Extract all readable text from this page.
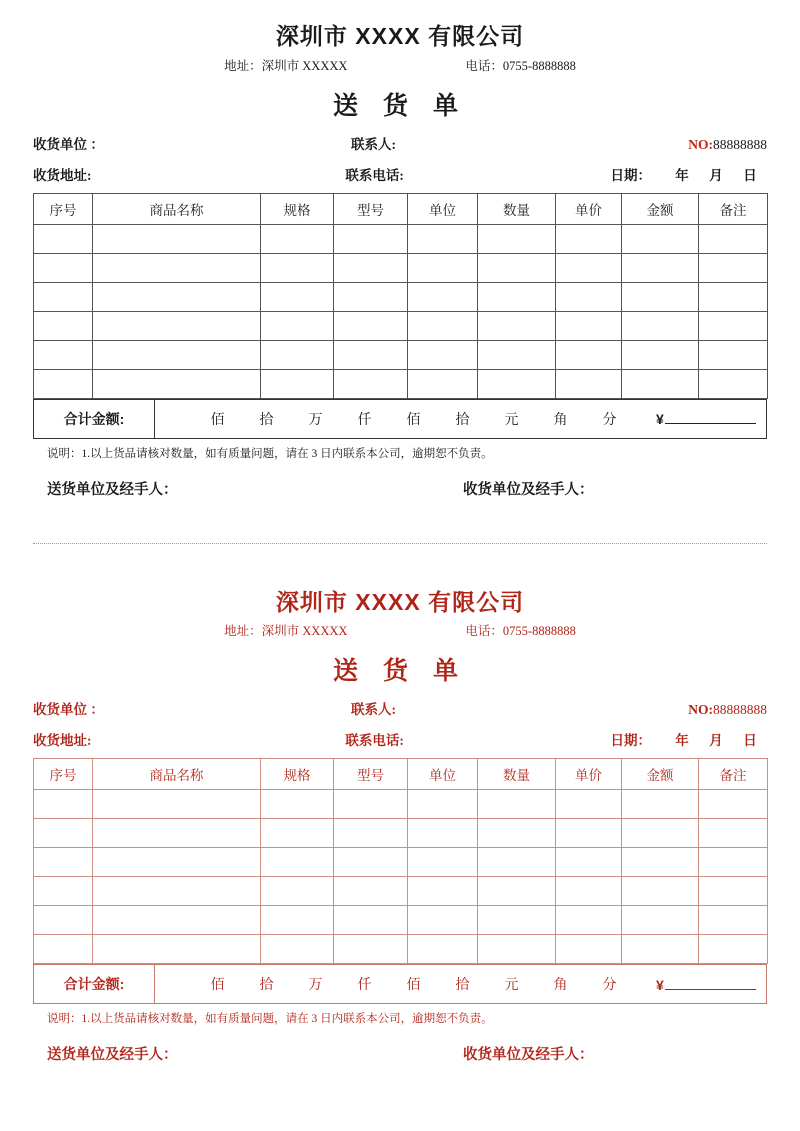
深圳市 XXXX 有限公司
地址：深圳市 XXXXX	电话：0755-8888888
送 货 单
收货单位 ：	联系人:	NO:88888888
收货地址:	联系电话:	日期： 年 月 日
序号	商品名称	规格	型号	单位	数量	单价	金额	备注

合计金额:	佰	拾	万	仟	佰	拾	元	角	分	¥
说明：1.以上货品请核对数量，如有质量问题，请在 3 日内联系本公司，逾期恕不负责。
送货单位及经手人：	收货单位及经手人：
深圳市 XXXX 有限公司
地址：深圳市 XXXXX	电话：0755-8888888
送 货 单
收货单位 ：	联系人:	NO:88888888
收货地址:	联系电话:	日期： 年 月 日
序号	商品名称	规格	型号	单位	数量	单价	金额	备注

合计金额:	佰	拾	万	仟	佰	拾	元	角	分	¥
说明：1.以上货品请核对数量，如有质量问题，请在 3 日内联系本公司，逾期恕不负责。
送货单位及经手人：	收货单位及经手人：
